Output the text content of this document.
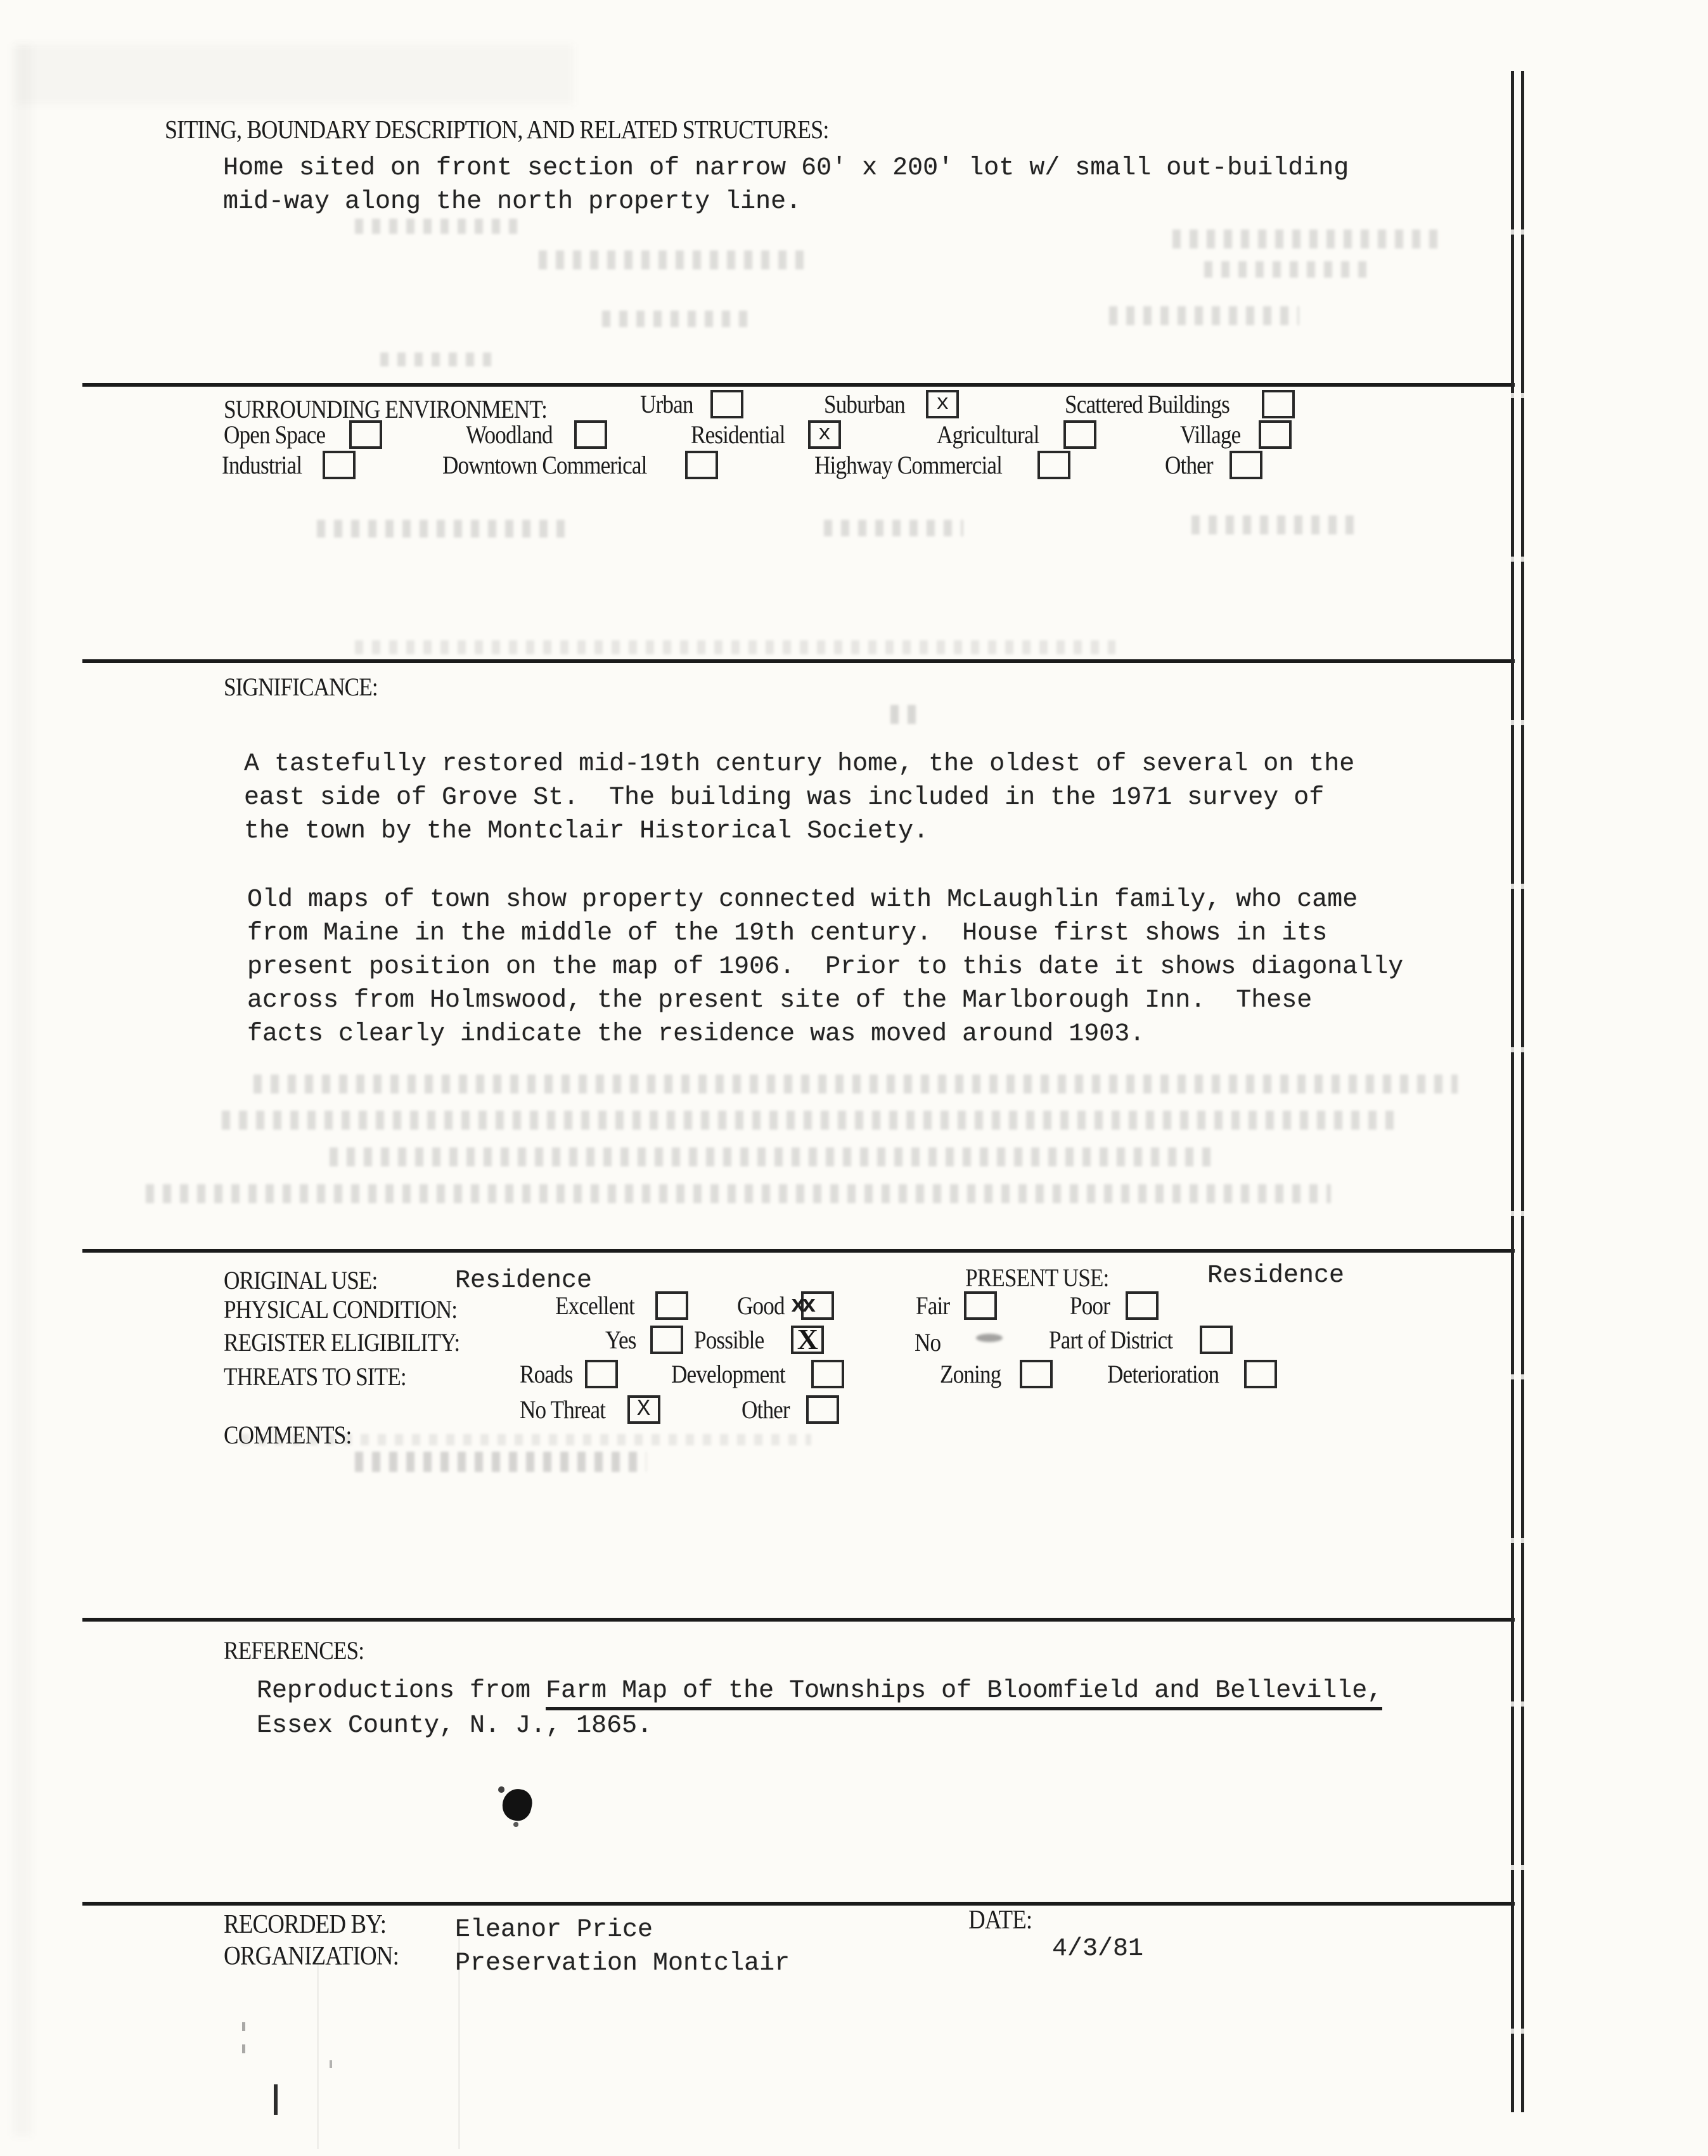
SITING, BOUNDARY DESCRIPTION, AND RELATED STRUCTURES:
Home sited on front section of narrow 60' x 200' lot w/ small out-building
mid-way along the north property line.
SURROUNDING ENVIRONMENT:	Urban	Suburban x	Scattered Buildings
Open Space	Woodland	Residential x	Agricultural	Village
Industrial	Downtown Commerical	Highway Commercial	Other
SIGNIFICANCE:
A tastefully restored mid-19th century home, the oldest of several on the
east side of Grove St.  The building was included in the 1971 survey of
the town by the Montclair Historical Society.
Old maps of town show property connected with McLaughlin family, who came
from Maine in the middle of the 19th century.  House first shows in its
present position on the map of 1906.  Prior to this date it shows diagonally
across from Holmswood, the present site of the Marlborough Inn.  These
facts clearly indicate the residence was moved around 1903.
ORIGINAL USE:	Residence	PRESENT USE:	Residence
PHYSICAL CONDITION:	Excellent	Good xx	Fair	Poor
REGISTER ELIGIBILITY:	Yes Possible X	No	Part of District
THREATS TO SITE:	Roads	Development	Zoning	Deterioration
No Threat X	Other
COMMENTS:
REFERENCES:
Reproductions from Farm Map of the Townships of Bloomfield and Belleville,
Essex County, N. J., 1865.
RECORDED BY:	Eleanor Price
ORGANIZATION: Preservation Montclair
DATE:
4/3/81
